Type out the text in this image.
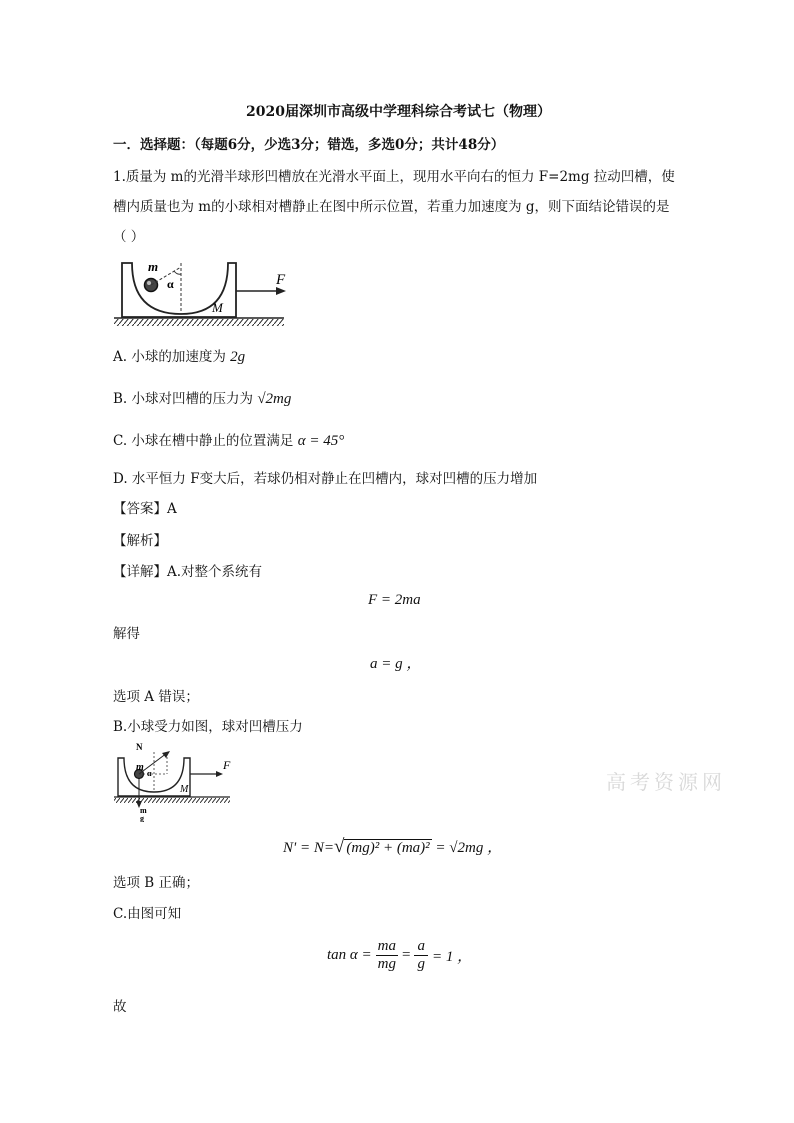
2020届深圳市高级中学理科综合考试七（物理）
一．选择题：（每题6分，少选3分；错选，多选0分；共计48分）
1.质量为 m的光滑半球形凹槽放在光滑水平面上，现用水平向右的恒力 F=2mg 拉动凹槽，使
槽内质量也为 m的小球相对槽静止在图中所示位置，若重力加速度为 g，则下面结论错误的是
（ ）
m
α
M
F
A. 小球的加速度为 2g
B. 小球对凹槽的压力为 √2mg
C. 小球在槽中静止的位置满足 α = 45°
D. 水平恒力 F变大后，若球仍相对静止在凹槽内，球对凹槽的压力增加
【答案】A
【解析】
【详解】A.对整个系统有
F = 2ma
解得
a = g ，
选项 A 错误；
B.小球受力如图，球对凹槽压力
N
m
α
M
F
m
g
高考资源网
N' = N=√ (mg)² + (ma)² = √2mg ，
选项 B 正确；
C.由图可知
$\tan \alpha = \frac{ma}{mg} = \frac{a}{g} = 1$ ，
故
